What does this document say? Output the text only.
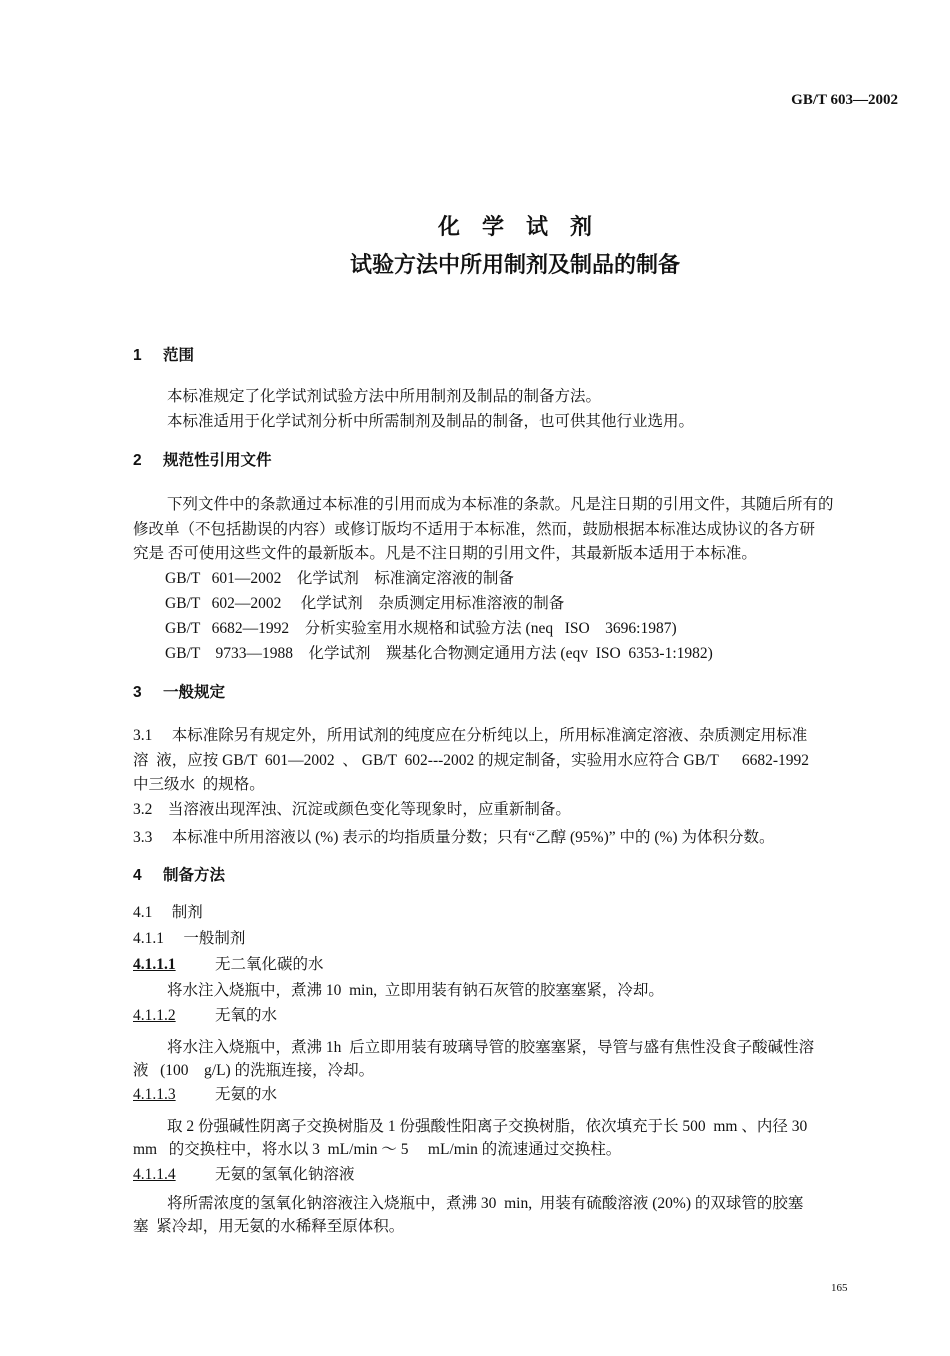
GB/T 603—2002
化　学　试　剂
试验方法中所用制剂及制品的制备
1 范围
本标准规定了化学试剂试验方法中所用制剂及制品的制备方法。
本标准适用于化学试剂分析中所需制剂及制品的制备，也可供其他行业选用。
2 规范性引用文件
下列文件中的条款通过本标准的引用而成为本标准的条款。凡是注日期的引用文件，其随后所有的
修改单（不包括勘误的内容）或修订版均不适用于本标准，然而，鼓励根据本标准达成协议的各方研
究是 否可使用这些文件的最新版本。凡是不注日期的引用文件，其最新版本适用于本标准。
GB/T   601—2002    化学试剂    标准滴定溶液的制备
GB/T   602—2002     化学试剂    杂质测定用标准溶液的制备
GB/T   6682—1992    分析实验室用水规格和试验方法 (neq   ISO    3696:1987)
GB/T    9733—1988    化学试剂    羰基化合物测定通用方法 (eqv  ISO  6353-1:1982)
3 一般规定
3.1　 本标准除另有规定外，所用试剂的纯度应在分析纯以上，所用标准滴定溶液、杂质测定用标准
溶  液，应按 GB/T  601—2002  、 GB/T  602---2002 的规定制备，实验用水应符合 GB/T      6682-1992
中三级水  的规格。
3.2　当溶液出现浑浊、沉淀或颜色变化等现象时，应重新制备。
3.3　 本标准中所用溶液以 (%) 表示的均指质量分数；只有“乙醇 (95%)” 中的 (%) 为体积分数。
4 制备方法
4.1　 制剂
4.1.1　 一般制剂
4.1.1.1	无二氧化碳的水
将水注入烧瓶中，煮沸 10  min,  立即用装有钠石灰管的胶塞塞紧，冷却。
4.1.1.2	无氧的水
将水注入烧瓶中，煮沸 1h  后立即用装有玻璃导管的胶塞塞紧，导管与盛有焦性没食子酸碱性溶
液   (100    g/L) 的洗瓶连接，冷却。
4.1.1.3	无氨的水
取 2 份强碱性阴离子交换树脂及 1 份强酸性阳离子交换树脂，依次填充于长 500  mm 、内径 30
mm   的交换柱中，将水以 3  mL/min ～ 5     mL/min 的流速通过交换柱。
4.1.1.4	无氨的氢氧化钠溶液
将所需浓度的氢氧化钠溶液注入烧瓶中，煮沸 30  min,  用装有硫酸溶液 (20%) 的双球管的胶塞
塞  紧冷却，用无氨的水稀释至原体积。
165
